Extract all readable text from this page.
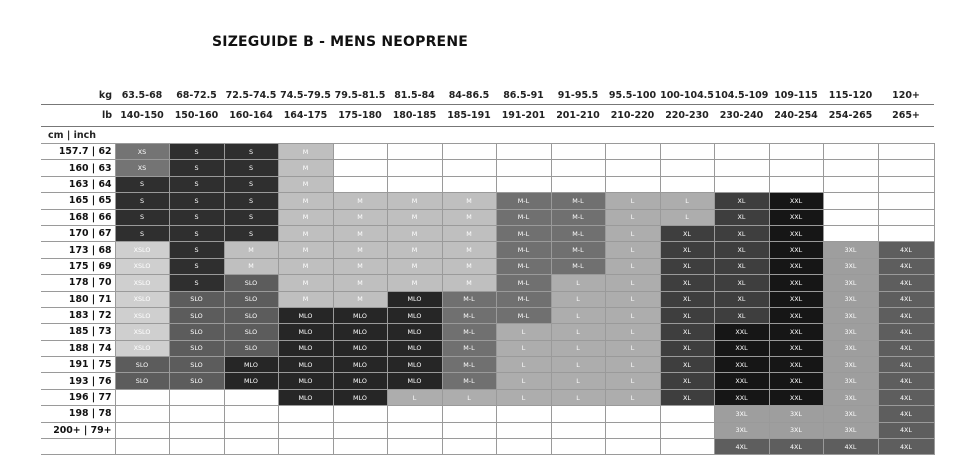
SIZEGUIDE B - MENS NEOPRENE
kg	63.5-68	68-72.5	72.5-74.5	74.5-79.5	79.5-81.5	81.5-84	84-86.5	86.5-91	91-95.5	95.5-100	100-104.5	104.5-109	109-115	115-120	120+
lb	140-150	150-160	160-164	164-175	175-180	180-185	185-191	191-201	201-210	210-220	220-230	230-240	240-254	254-265	265+
cm | inch															
157.7 | 62	XS	S	S	M											
160 | 63	XS	S	S	M											
163 | 64	S	S	S	M											
165 | 65	S	S	S	M	M	M	M	M-L	M-L	L	L	XL	XXL		
168 | 66	S	S	S	M	M	M	M	M-L	M-L	L	L	XL	XXL		
170 | 67	S	S	S	M	M	M	M	M-L	M-L	L	XL	XL	XXL		
173 | 68	XSLO	S	M	M	M	M	M	M-L	M-L	L	XL	XL	XXL	3XL	4XL
175 | 69	XSLO	S	M	M	M	M	M	M-L	M-L	L	XL	XL	XXL	3XL	4XL
178 | 70	XSLO	S	SLO	M	M	M	M	M-L	L	L	XL	XL	XXL	3XL	4XL
180 | 71	XSLO	SLO	SLO	M	M	MLO	M-L	M-L	L	L	XL	XL	XXL	3XL	4XL
183 | 72	XSLO	SLO	SLO	MLO	MLO	MLO	M-L	M-L	L	L	XL	XL	XXL	3XL	4XL
185 | 73	XSLO	SLO	SLO	MLO	MLO	MLO	M-L	L	L	L	XL	XXL	XXL	3XL	4XL
188 | 74	XSLO	SLO	SLO	MLO	MLO	MLO	M-L	L	L	L	XL	XXL	XXL	3XL	4XL
191 | 75	SLO	SLO	MLO	MLO	MLO	MLO	M-L	L	L	L	XL	XXL	XXL	3XL	4XL
193 | 76	SLO	SLO	MLO	MLO	MLO	MLO	M-L	L	L	L	XL	XXL	XXL	3XL	4XL
196 | 77				MLO	MLO	L	L	L	L	L	XL	XXL	XXL	3XL	4XL
198 | 78												3XL	3XL	3XL	4XL
200+ | 79+												3XL	3XL	3XL	4XL
												4XL	4XL	4XL	4XL
